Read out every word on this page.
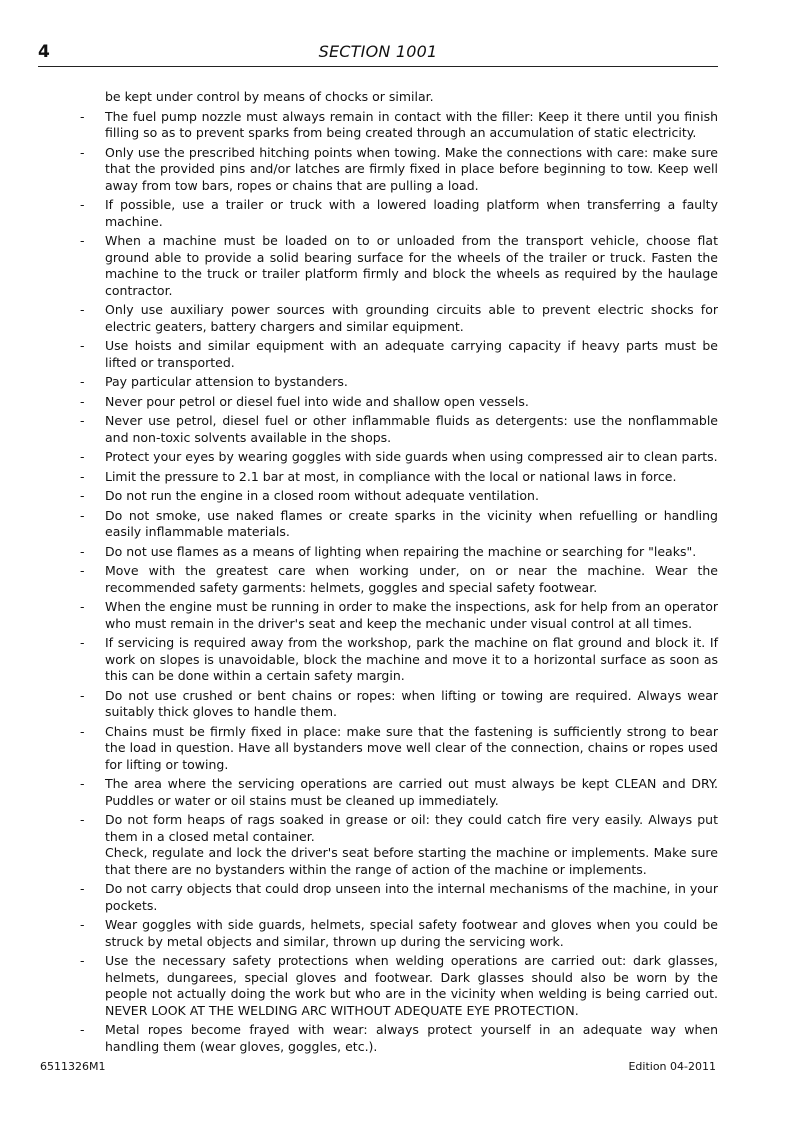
4	SECTION 1001

be kept under control by means of chocks or similar.

- The fuel pump nozzle must always remain in contact with the filler: Keep it there until you finish filling so as to prevent sparks from being created through an accumulation of static electricity.
- Only use the prescribed hitching points when towing. Make the connections with care: make sure that the provided pins and/or latches are firmly fixed in place before beginning to tow. Keep well away from tow bars, ropes or chains that are pulling a load.
- If possible, use a trailer or truck with a lowered loading platform when transferring a faulty machine.
- When a machine must be loaded on to or unloaded from the transport vehicle, choose flat ground able to provide a solid bearing surface for the wheels of the trailer or truck. Fasten the machine to the truck or trailer platform firmly and block the wheels as required by the haulage contractor.
- Only use auxiliary power sources with grounding circuits able to prevent electric shocks for electric geaters, battery chargers and similar equipment.
- Use hoists and similar equipment with an adequate carrying capacity if heavy parts must be lifted or transported.
- Pay particular attension to bystanders.
- Never pour petrol or diesel fuel into wide and shallow open vessels.
- Never use petrol, diesel fuel or other inflammable fluids as detergents: use the nonflammable and non-toxic solvents available in the shops.
- Protect your eyes by wearing goggles with side guards when using compressed air to clean parts.
- Limit the pressure to 2.1 bar at most, in compliance with the local or national laws in force.
- Do not run the engine in a closed room without adequate ventilation.
- Do not smoke, use naked flames or create sparks in the vicinity when refuelling or handling easily inflammable materials.
- Do not use flames as a means of lighting when repairing the machine or searching for "leaks".
- Move with the greatest care when working under, on or near the machine. Wear the recommended safety garments: helmets, goggles and special safety footwear.
- When the engine must be running in order to make the inspections, ask for help from an operator who must remain in the driver's seat and keep the mechanic under visual control at all times.
- If servicing is required away from the workshop, park the machine on flat ground and block it. If work on slopes is unavoidable, block the machine and move it to a horizontal surface as soon as this can be done within a certain safety margin.
- Do not use crushed or bent chains or ropes: when lifting or towing are required. Always wear suitably thick gloves to handle them.
- Chains must be firmly fixed in place: make sure that the fastening is sufficiently strong to bear the load in question. Have all bystanders move well clear of the connection, chains or ropes used for lifting or towing.
- The area where the servicing operations are carried out must always be kept CLEAN and DRY. Puddles or water or oil stains must be cleaned up immediately.
- Do not form heaps of rags soaked in grease or oil: they could catch fire very easily. Always put them in a closed metal container.
Check, regulate and lock the driver's seat before starting the machine or implements. Make sure that there are no bystanders within the range of action of the machine or implements.
- Do not carry objects that could drop unseen into the internal mechanisms of the machine, in your pockets.
- Wear goggles with side guards, helmets, special safety footwear and gloves when you could be struck by metal objects and similar, thrown up during the servicing work.
- Use the necessary safety protections when welding operations are carried out: dark glasses, helmets, dungarees, special gloves and footwear. Dark glasses should also be worn by the people not actually doing the work but who are in the vicinity when welding is being carried out. NEVER LOOK AT THE WELDING ARC WITHOUT ADEQUATE EYE PROTECTION.
- Metal ropes become frayed with wear: always protect yourself in an adequate way when handling them (wear gloves, goggles, etc.).
6511326M1	Edition 04-2011
